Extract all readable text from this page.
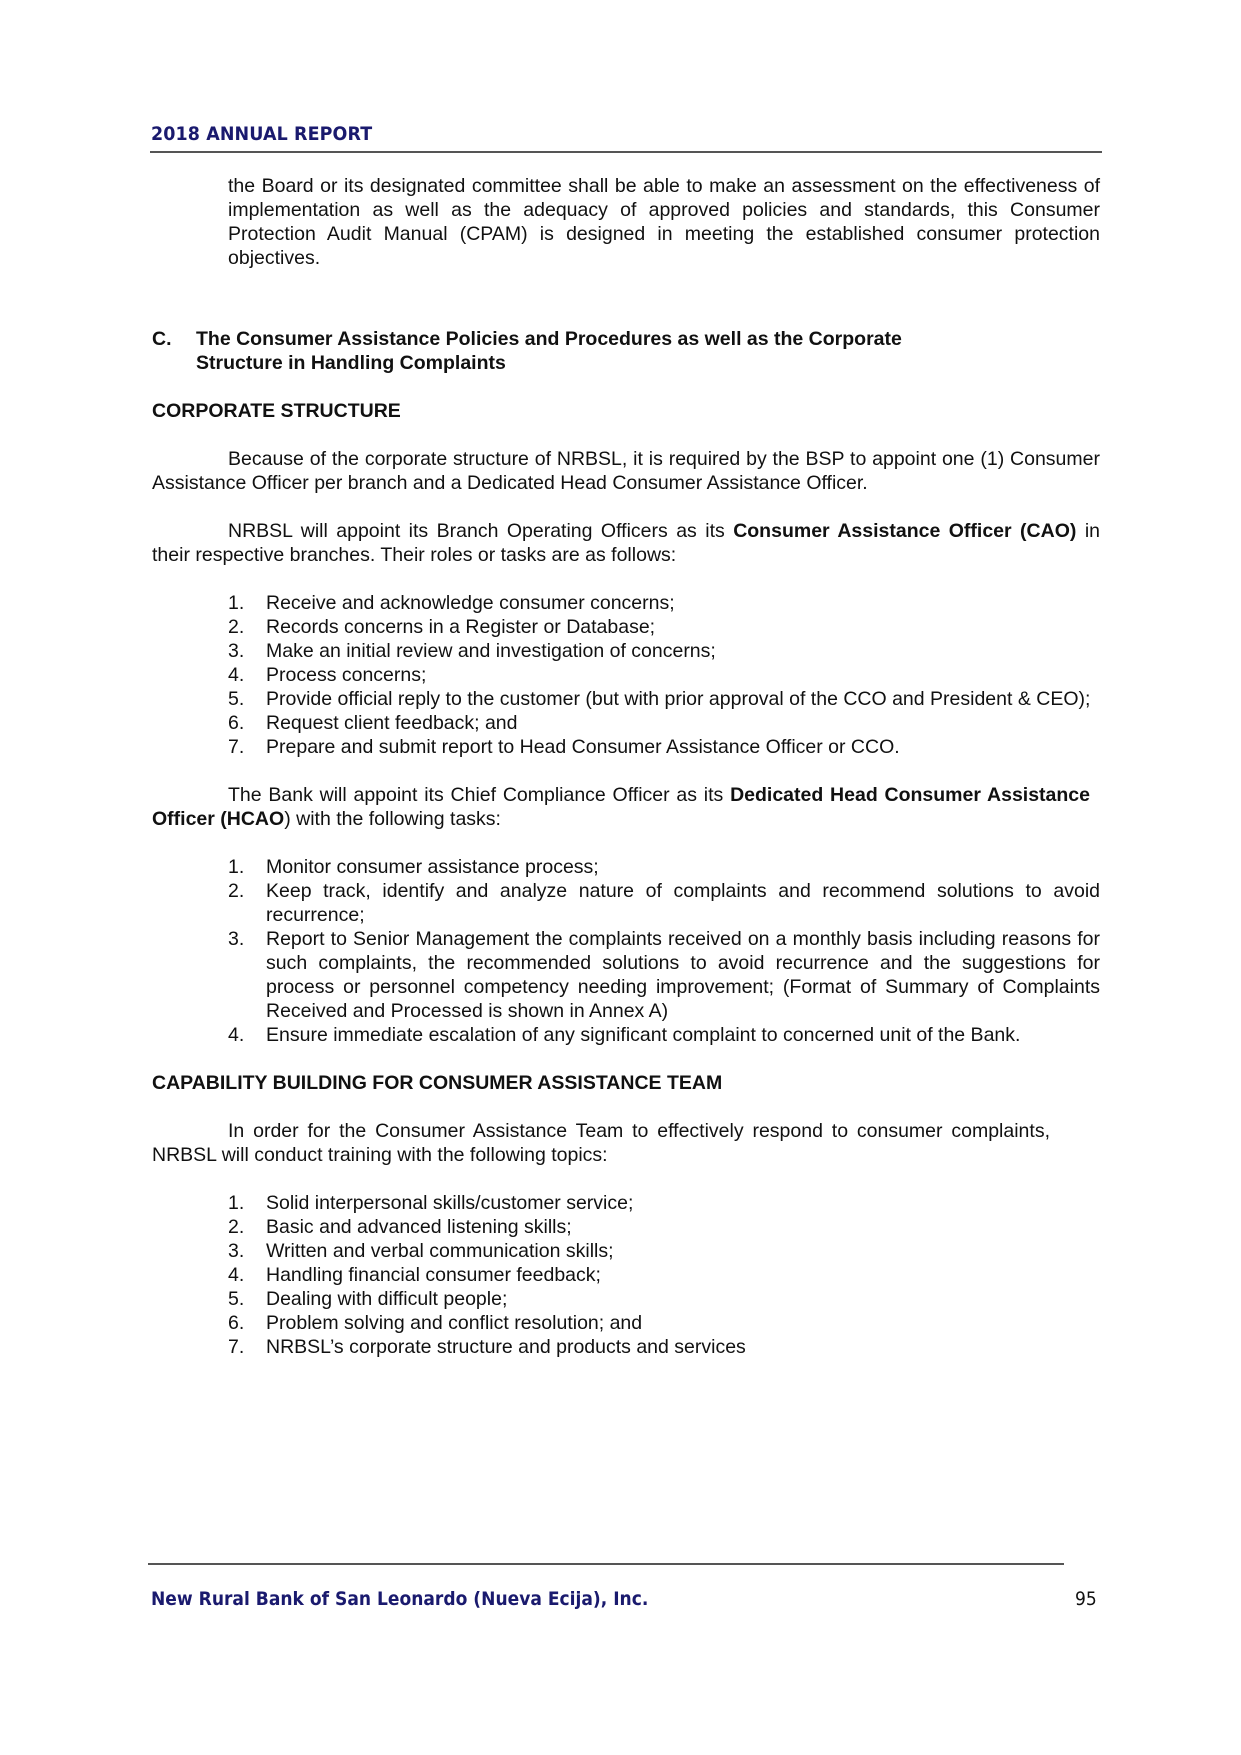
2018 ANNUAL REPORT

the Board or its designated committee shall be able to make an assessment on the effectiveness of implementation as well as the adequacy of approved policies and standards, this Consumer Protection Audit Manual (CPAM) is designed in meeting the established consumer protection objectives.

C.	The Consumer Assistance Policies and Procedures as well as the Corporate Structure in Handling Complaints

CORPORATE STRUCTURE

Because of the corporate structure of NRBSL, it is required by the BSP to appoint one (1) Consumer Assistance Officer per branch and a Dedicated Head Consumer Assistance Officer.

NRBSL will appoint its Branch Operating Officers as its Consumer Assistance Officer (CAO) in their respective branches. Their roles or tasks are as follows:

1.	Receive and acknowledge consumer concerns;
2.	Records concerns in a Register or Database;
3.	Make an initial review and investigation of concerns;
4.	Process concerns;
5.	Provide official reply to the customer (but with prior approval of the CCO and President & CEO);
6.	Request client feedback; and
7.	Prepare and submit report to Head Consumer Assistance Officer or CCO.

The Bank will appoint its Chief Compliance Officer as its Dedicated Head Consumer Assistance Officer (HCAO) with the following tasks:

1.	Monitor consumer assistance process;
2.	Keep track, identify and analyze nature of complaints and recommend solutions to avoid recurrence;
3.	Report to Senior Management the complaints received on a monthly basis including reasons for such complaints, the recommended solutions to avoid recurrence and the suggestions for process or personnel competency needing improvement; (Format of Summary of Complaints Received and Processed is shown in Annex A)
4.	Ensure immediate escalation of any significant complaint to concerned unit of the Bank.

CAPABILITY BUILDING FOR CONSUMER ASSISTANCE TEAM

In order for the Consumer Assistance Team to effectively respond to consumer complaints, NRBSL will conduct training with the following topics:

1.	Solid interpersonal skills/customer service;
2.	Basic and advanced listening skills;
3.	Written and verbal communication skills;
4.	Handling financial consumer feedback;
5.	Dealing with difficult people;
6.	Problem solving and conflict resolution; and
7.	NRBSL’s corporate structure and products and services
New Rural Bank of San Leonardo (Nueva Ecija), Inc.	95
